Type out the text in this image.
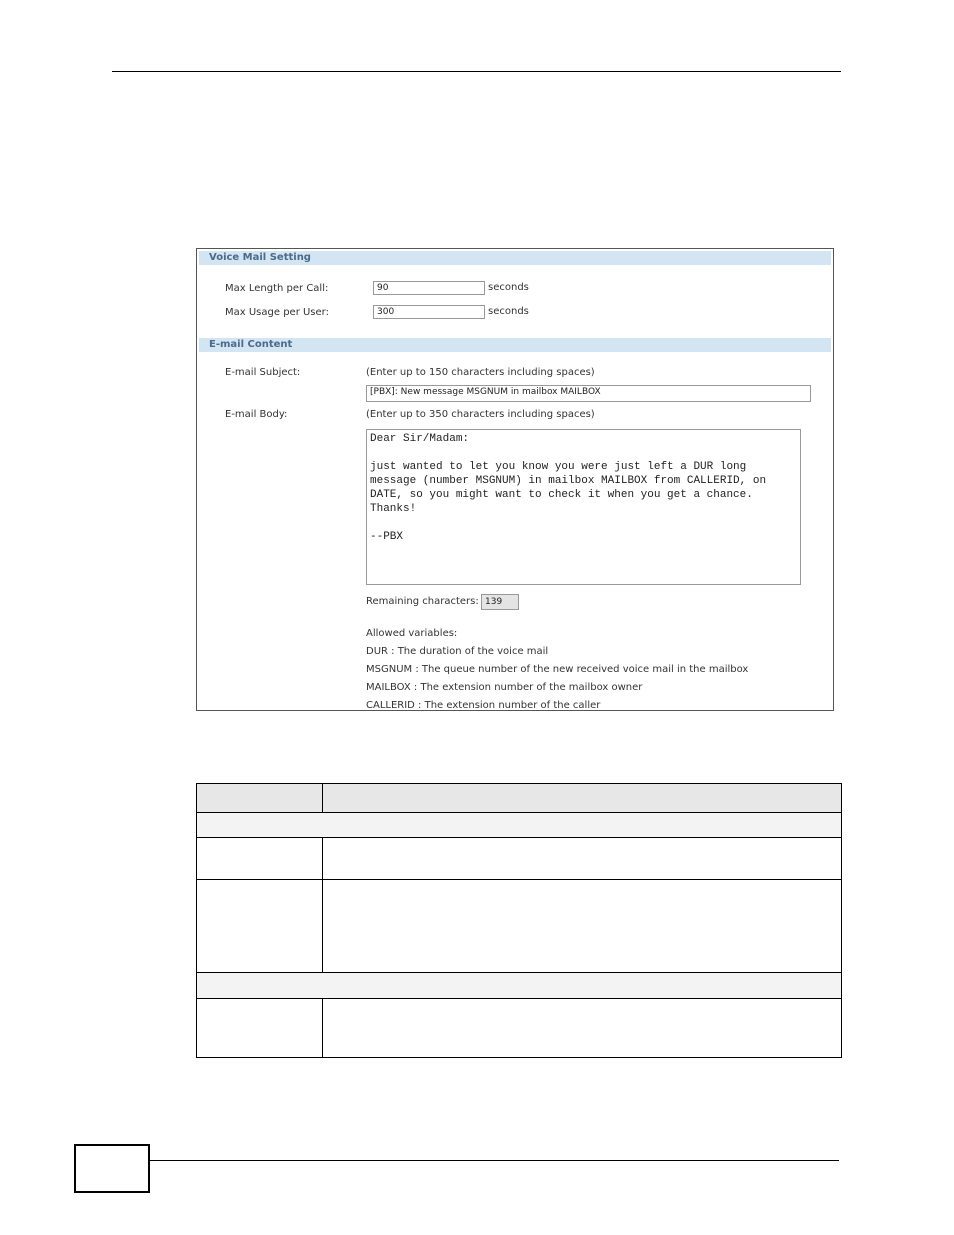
Voice Mail Setting
Max Length per Call:	90	seconds
Max Usage per User:	300	seconds
E-mail Content
E-mail Subject:	(Enter up to 150 characters including spaces)
[PBX]: New message MSGNUM in mailbox MAILBOX
E-mail Body:	(Enter up to 350 characters including spaces)
Dear Sir/Madam:

just wanted to let you know you were just left a DUR long message (number MSGNUM) in mailbox MAILBOX from CALLERID, on DATE, so you might want to check it when you get a chance. Thanks!

--PBX
Remaining characters: 139
Allowed variables:
DUR : The duration of the voice mail
MSGNUM : The queue number of the new received voice mail in the mailbox
MAILBOX : The extension number of the mailbox owner
CALLERID : The extension number of the caller
